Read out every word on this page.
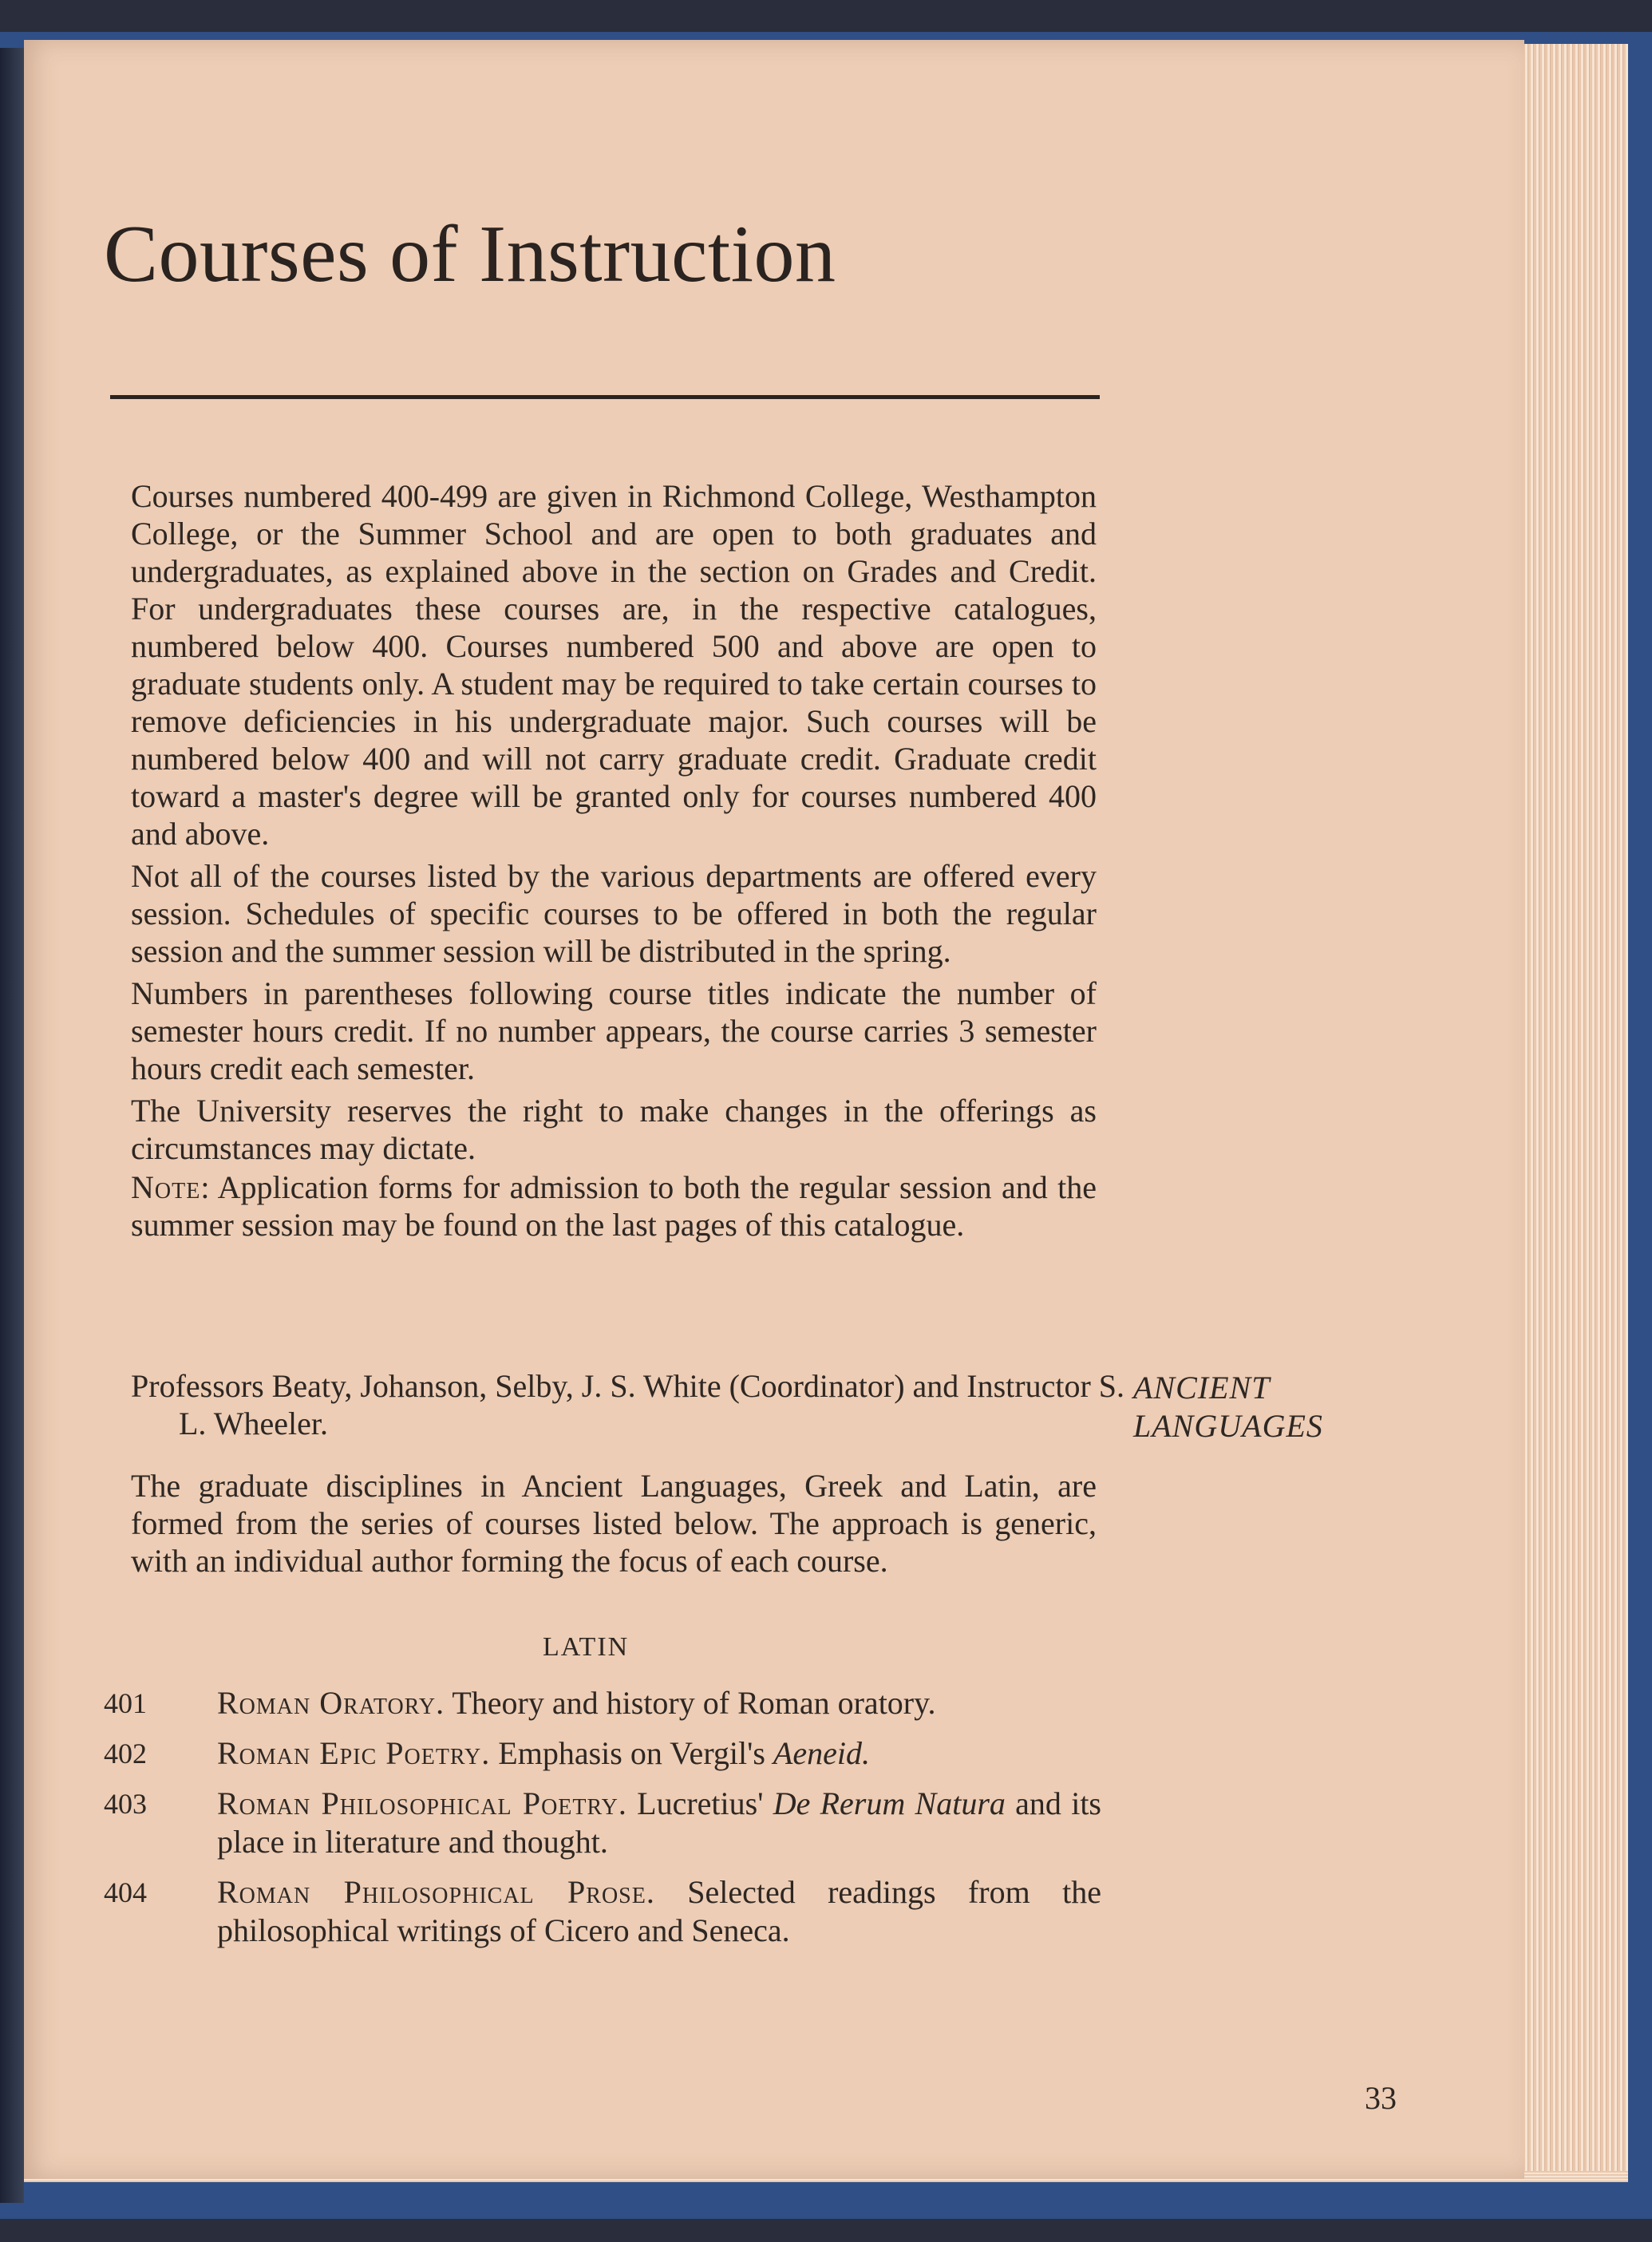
Courses of Instruction

Courses numbered 400-499 are given in Richmond College, Westhampton College, or the Summer School and are open to both graduates and undergraduates, as explained above in the section on Grades and Credit. For undergraduates these courses are, in the respective catalogues, numbered below 400. Courses numbered 500 and above are open to graduate students only. A student may be required to take certain courses to remove deficiencies in his undergraduate major. Such courses will be numbered below 400 and will not carry graduate credit. Graduate credit toward a master's degree will be granted only for courses numbered 400 and above.

Not all of the courses listed by the various departments are offered every session. Schedules of specific courses to be offered in both the regular session and the summer session will be distributed in the spring.

Numbers in parentheses following course titles indicate the number of semester hours credit. If no number appears, the course carries 3 semester hours credit each semester.

The University reserves the right to make changes in the offerings as circumstances may dictate.

Note: Application forms for admission to both the regular session and the summer session may be found on the last pages of this catalogue.
Professors Beaty, Johanson, Selby, J. S. White (Coordinator) and Instructor S. L. Wheeler.
ANCIENT
LANGUAGES
The graduate disciplines in Ancient Languages, Greek and Latin, are formed from the series of courses listed below. The approach is generic, with an individual author forming the focus of each course.
LATIN
401 Roman Oratory. Theory and history of Roman oratory.
402 Roman Epic Poetry. Emphasis on Vergil's Aeneid.
403 Roman Philosophical Poetry. Lucretius' De Rerum Natura and its place in literature and thought.
404 Roman Philosophical Prose. Selected readings from the philosophical writings of Cicero and Seneca.
33
